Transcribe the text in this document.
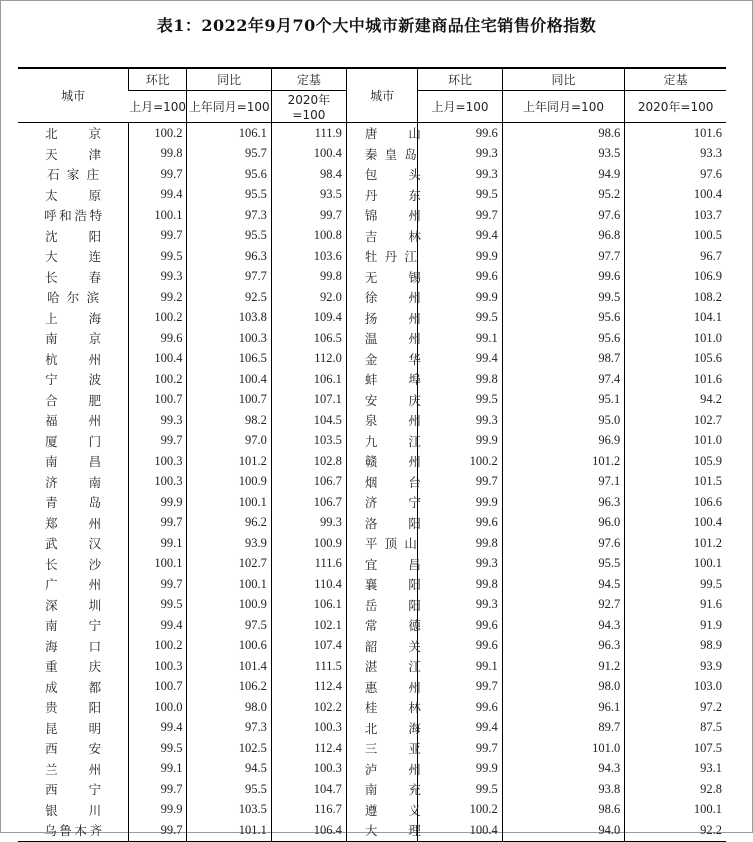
表1：2022年9月70个大中城市新建商品住宅销售价格指数
城市	环比	同比	定基	城市	环比	同比	定基
	上月=100	上年同月=100	2020年=100		上月=100	上年同月=100	2020年=100

北京	100.2	106.1	111.9	唐山	99.6	98.6	101.6

天津	99.8	95.7	100.4	秦皇岛	99.3	93.5	93.3

石家庄	99.7	95.6	98.4	包头	99.3	94.9	97.6

太原	99.4	95.5	93.5	丹东	99.5	95.2	100.4

呼和浩特	100.1	97.3	99.7	锦州	99.7	97.6	103.7

沈阳	99.7	95.5	100.8	吉林	99.4	96.8	100.5

大连	99.5	96.3	103.6	牡丹江	99.9	97.7	96.7

长春	99.3	97.7	99.8	无锡	99.6	99.6	106.9

哈尔滨	99.2	92.5	92.0	徐州	99.9	99.5	108.2

上海	100.2	103.8	109.4	扬州	99.5	95.6	104.1

南京	99.6	100.3	106.5	温州	99.1	95.6	101.0

杭州	100.4	106.5	112.0	金华	99.4	98.7	105.6

宁波	100.2	100.4	106.1	蚌埠	99.8	97.4	101.6

合肥	100.7	100.7	107.1	安庆	99.5	95.1	94.2

福州	99.3	98.2	104.5	泉州	99.3	95.0	102.7

厦门	99.7	97.0	103.5	九江	99.9	96.9	101.0

南昌	100.3	101.2	102.8	赣州	100.2	101.2	105.9

济南	100.3	100.9	106.7	烟台	99.7	97.1	101.5

青岛	99.9	100.1	106.7	济宁	99.9	96.3	106.6

郑州	99.7	96.2	99.3	洛阳	99.6	96.0	100.4

武汉	99.1	93.9	100.9	平顶山	99.8	97.6	101.2

长沙	100.1	102.7	111.6	宜昌	99.3	95.5	100.1

广州	99.7	100.1	110.4	襄阳	99.8	94.5	99.5

深圳	99.5	100.9	106.1	岳阳	99.3	92.7	91.6

南宁	99.4	97.5	102.1	常德	99.6	94.3	91.9

海口	100.2	100.6	107.4	韶关	99.6	96.3	98.9

重庆	100.3	101.4	111.5	湛江	99.1	91.2	93.9

成都	100.7	106.2	112.4	惠州	99.7	98.0	103.0

贵阳	100.0	98.0	102.2	桂林	99.6	96.1	97.2

昆明	99.4	97.3	100.3	北海	99.4	89.7	87.5

西安	99.5	102.5	112.4	三亚	99.7	101.0	107.5

兰州	99.1	94.5	100.3	泸州	99.9	94.3	93.1

西宁	99.7	95.5	104.7	南充	99.5	93.8	92.8

银川	99.9	103.5	116.7	遵义	100.2	98.6	100.1

乌鲁木齐	99.7	101.1	106.4	大理	100.4	94.0	92.2
